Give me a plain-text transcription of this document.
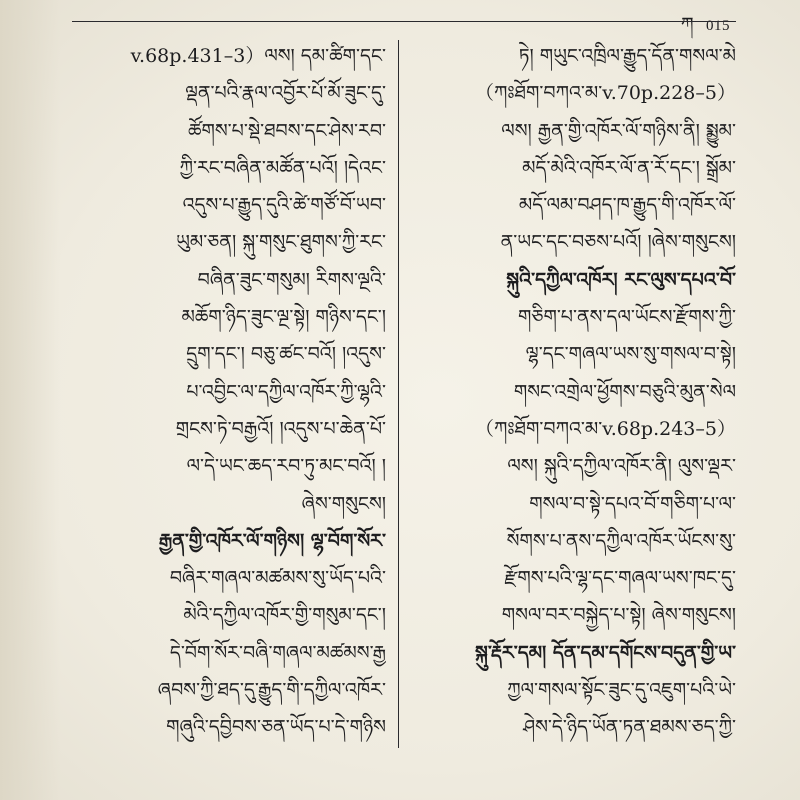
ཀ 015
v.68p.431–3）ལས། དམ་ཚིག་དང་
ལྡན་པའི་རྣལ་འབྱོར་པོ་མོ་ཟུང་དུ་
ཚོགས་པ་སྡེ་ཐབས་དང་ཤེས་རབ་
ཀྱི་རང་བཞིན་མཚོན་པའོ། །དེའང་
འདུས་པ་རྒྱུད་དུའི་ཚེ་གཙོ་བོ་ཡབ་
ཡུམ་ཅན། སྐུ་གསུང་ཐུགས་ཀྱི་རང་
བཞིན་ཟུང་གསུམ། རིགས་ལྔའི་
མཆོག་ཉིད་ཟུང་ལྔ་སྟེ། གཉིས་དང་།
དྲུག་དང་། བཅུ་ཚང་བའོ། །འདུས་
པ་འབྱིང་ལ་དཀྱིལ་འཁོར་ཀྱི་ལྷའི་
གྲངས་ཏེ་བརྒྱའོ། །འདུས་པ་ཆེན་པོ་
ལ་དེ་ཡང་ཆད་རབ་ཏུ་མང་བའོ། །
ཞེས་གསུངས།
རྒྱན་གྱི་འཁོར་ལོ་གཉིས། ལྷ་བོག་སོར་
བཞིར་གཞལ་མཚམས་སུ་ཡོད་པའི་
མེའི་དཀྱིལ་འཁོར་གྱི་གསུམ་དང་།
དེ་བོག་སོར་བཞི་གཞལ་མཚམས་རྒྱ
ཞབས་ཀྱི་ཐད་དུ་རྒྱུད་གི་དཀྱིལ་འཁོར་
གཞུའི་དབྱིབས་ཅན་ཡོད་པ་དེ་གཉིས
ཏེ། གཡུང་འཁྲིལ་རྒྱུད་དོན་གསལ་མེ
（ཀཿཐོག་བཀའ་མ་v.70p.228–5）
ལས། རྒྱན་གྱི་འཁོར་ལོ་གཉིས་ནི། སྨྱུམ་
མདོ་མེའི་འཁོར་ལོ་ན་རོ་དང་། སྒྲོམ་
མདོ་ལམ་བཤད་ཁ་རྒྱུད་གི་འཁོར་ལོ་
ན་ཡང་དང་བཅས་པའོ། །ཞེས་གསུངས།
སྐུའི་དཀྱིལ་འཁོར། རང་ལུས་དཔའ་བོ་
གཅིག་པ་ནས་དལ་ཡོངས་རྫོགས་ཀྱི་
ལྷ་དང་གཞལ་ཡས་སུ་གསལ་བ་སྟེ།
གསང་འགྲེལ་ཕྱོགས་བཅུའི་མུན་སེལ
（ཀཿཐོག་བཀའ་མ་v.68p.243–5）
ལས། སྐུའི་དཀྱིལ་འཁོར་ནི། ལུས་ལྡར་
གསལ་བ་སྟེ་དཔའ་བོ་གཅིག་པ་ལ་
སོགས་པ་ནས་དཀྱིལ་འཁོར་ཡོངས་སུ་
རྫོགས་པའི་ལྷ་དང་གཞལ་ཡས་ཁང་དུ་
གསལ་བར་བསྐྱེད་པ་སྟེ། ཞེས་གསུངས།
སྐུ་རྡོར་དམ། དོན་དམ་དགོངས་བདུན་གྱི་ཡ་
ཀྱལ་གསལ་སྟོང་ཟུང་དུ་འཇུག་པའི་ཡེ་
ཤེས་དེ་ཉིད་ཡོན་ཏན་ཐམས་ཅད་ཀྱི་
